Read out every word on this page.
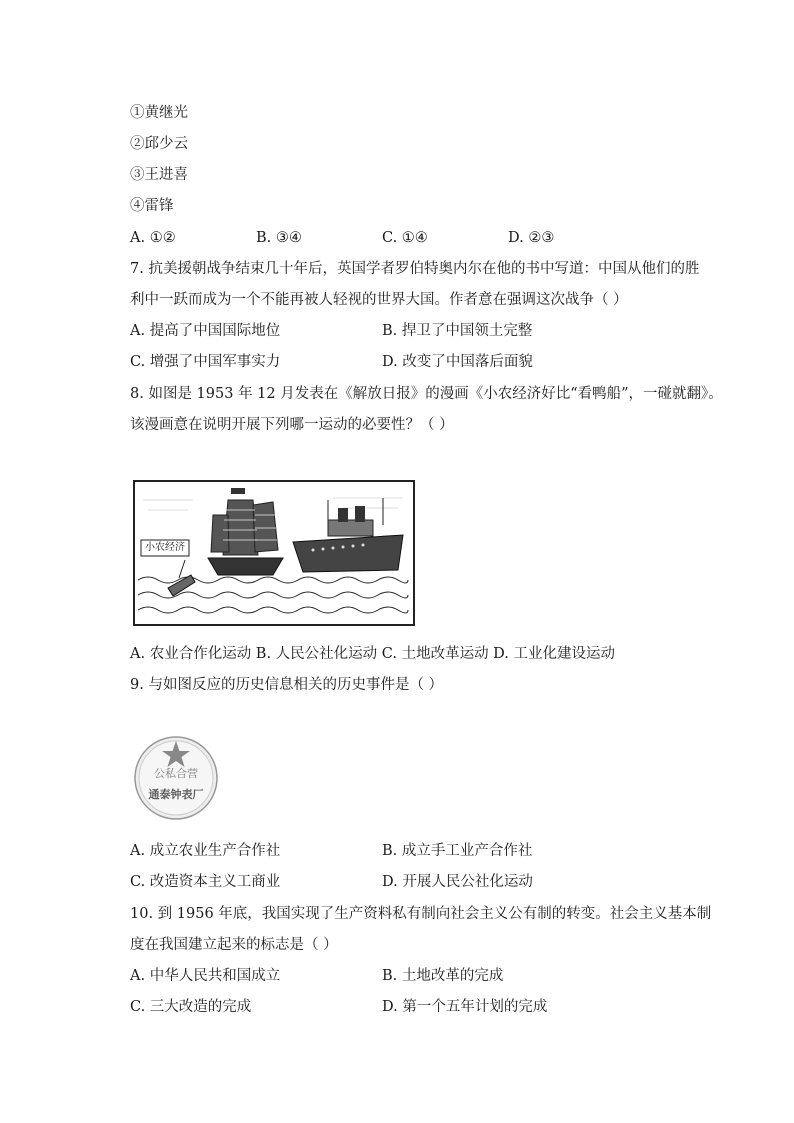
①黄继光
②邱少云
③王进喜
④雷锋
A. ①②	B. ③④	C. ①④	D. ②③
7. 抗美援朝战争结束几十年后，英国学者罗伯特奥内尔在他的书中写道：中国从他们的胜
利中一跃而成为一个不能再被人轻视的世界大国。作者意在强调这次战争（ ）
A. 提高了中国国际地位	B. 捍卫了中国领土完整
C. 增强了中国军事实力	D. 改变了中国落后面貌
8. 如图是 1953 年 12 月发表在《解放日报》的漫画《小农经济好比“看鸭船”，一碰就翻》。
该漫画意在说明开展下列哪一运动的必要性？（ ）
小农经济
A. 农业合作化运动 B. 人民公社化运动 C. 土地改革运动 D. 工业化建设运动
9. 与如图反应的历史信息相关的历史事件是（ ）
公私合营
通泰钟表厂
A. 成立农业生产合作社	B. 成立手工业产合作社
C. 改造资本主义工商业	D. 开展人民公社化运动
10. 到 1956 年底，我国实现了生产资料私有制向社会主义公有制的转变。社会主义基本制
度在我国建立起来的标志是（ ）
A. 中华人民共和国成立	B. 土地改革的完成
C. 三大改造的完成	D. 第一个五年计划的完成
